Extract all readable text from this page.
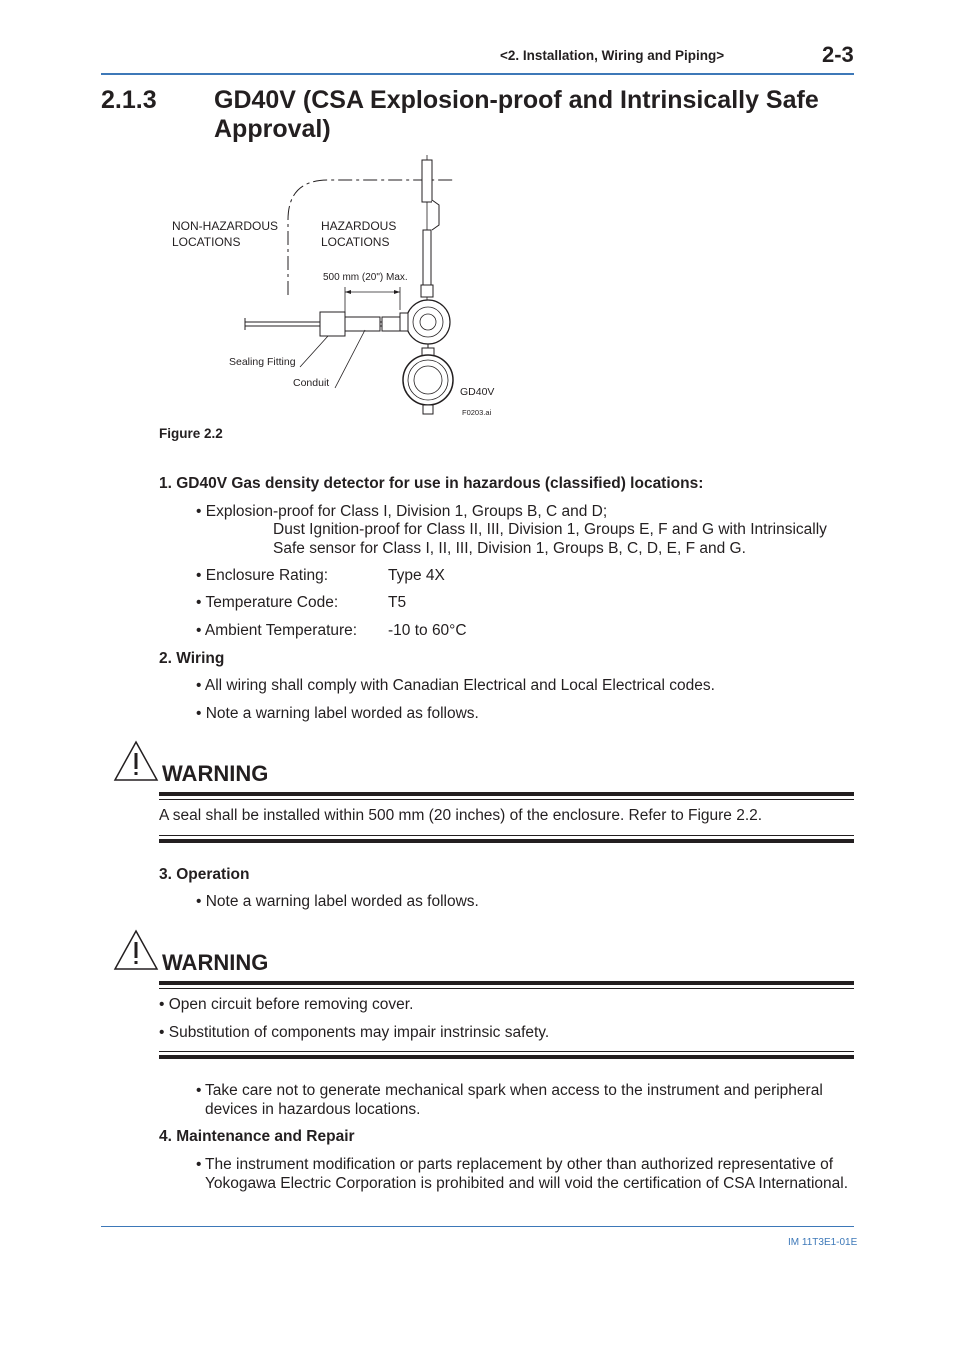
<2. Installation, Wiring and Piping>	2-3
2.1.3 GD40V (CSA Explosion-proof and Intrinsically Safe Approval)
NON-HAZARDOUS
LOCATIONS
HAZARDOUS
LOCATIONS
500 mm (20") Max.
Sealing Fitting
Conduit
GD40V
F0203.ai
Figure 2.2
1. GD40V Gas density detector for use in hazardous (classified) locations:
• Explosion-proof for Class I, Division 1, Groups B, C and D;
Dust Ignition-proof for Class II, III, Division 1, Groups E, F and G with Intrinsically Safe sensor for Class I, II, III, Division 1, Groups B, C, D, E, F and G.
• Enclosure Rating:	Type 4X
• Temperature Code:	T5
• Ambient Temperature: -10 to 60°C
2. Wiring
• All wiring shall comply with Canadian Electrical and Local Electrical codes.
• Note a warning label worded as follows.
WARNING
A seal shall be installed within 500 mm (20 inches) of the enclosure. Refer to Figure 2.2.
3. Operation
• Note a warning label worded as follows.
WARNING
• Open circuit before removing cover.
• Substitution of components may impair instrinsic safety.
• Take care not to generate mechanical spark when access to the instrument and peripheral devices in hazardous locations.
4. Maintenance and Repair
• The instrument modification or parts replacement by other than authorized representative of Yokogawa Electric Corporation is prohibited and will void the certification of CSA International.
IM 11T3E1-01E
